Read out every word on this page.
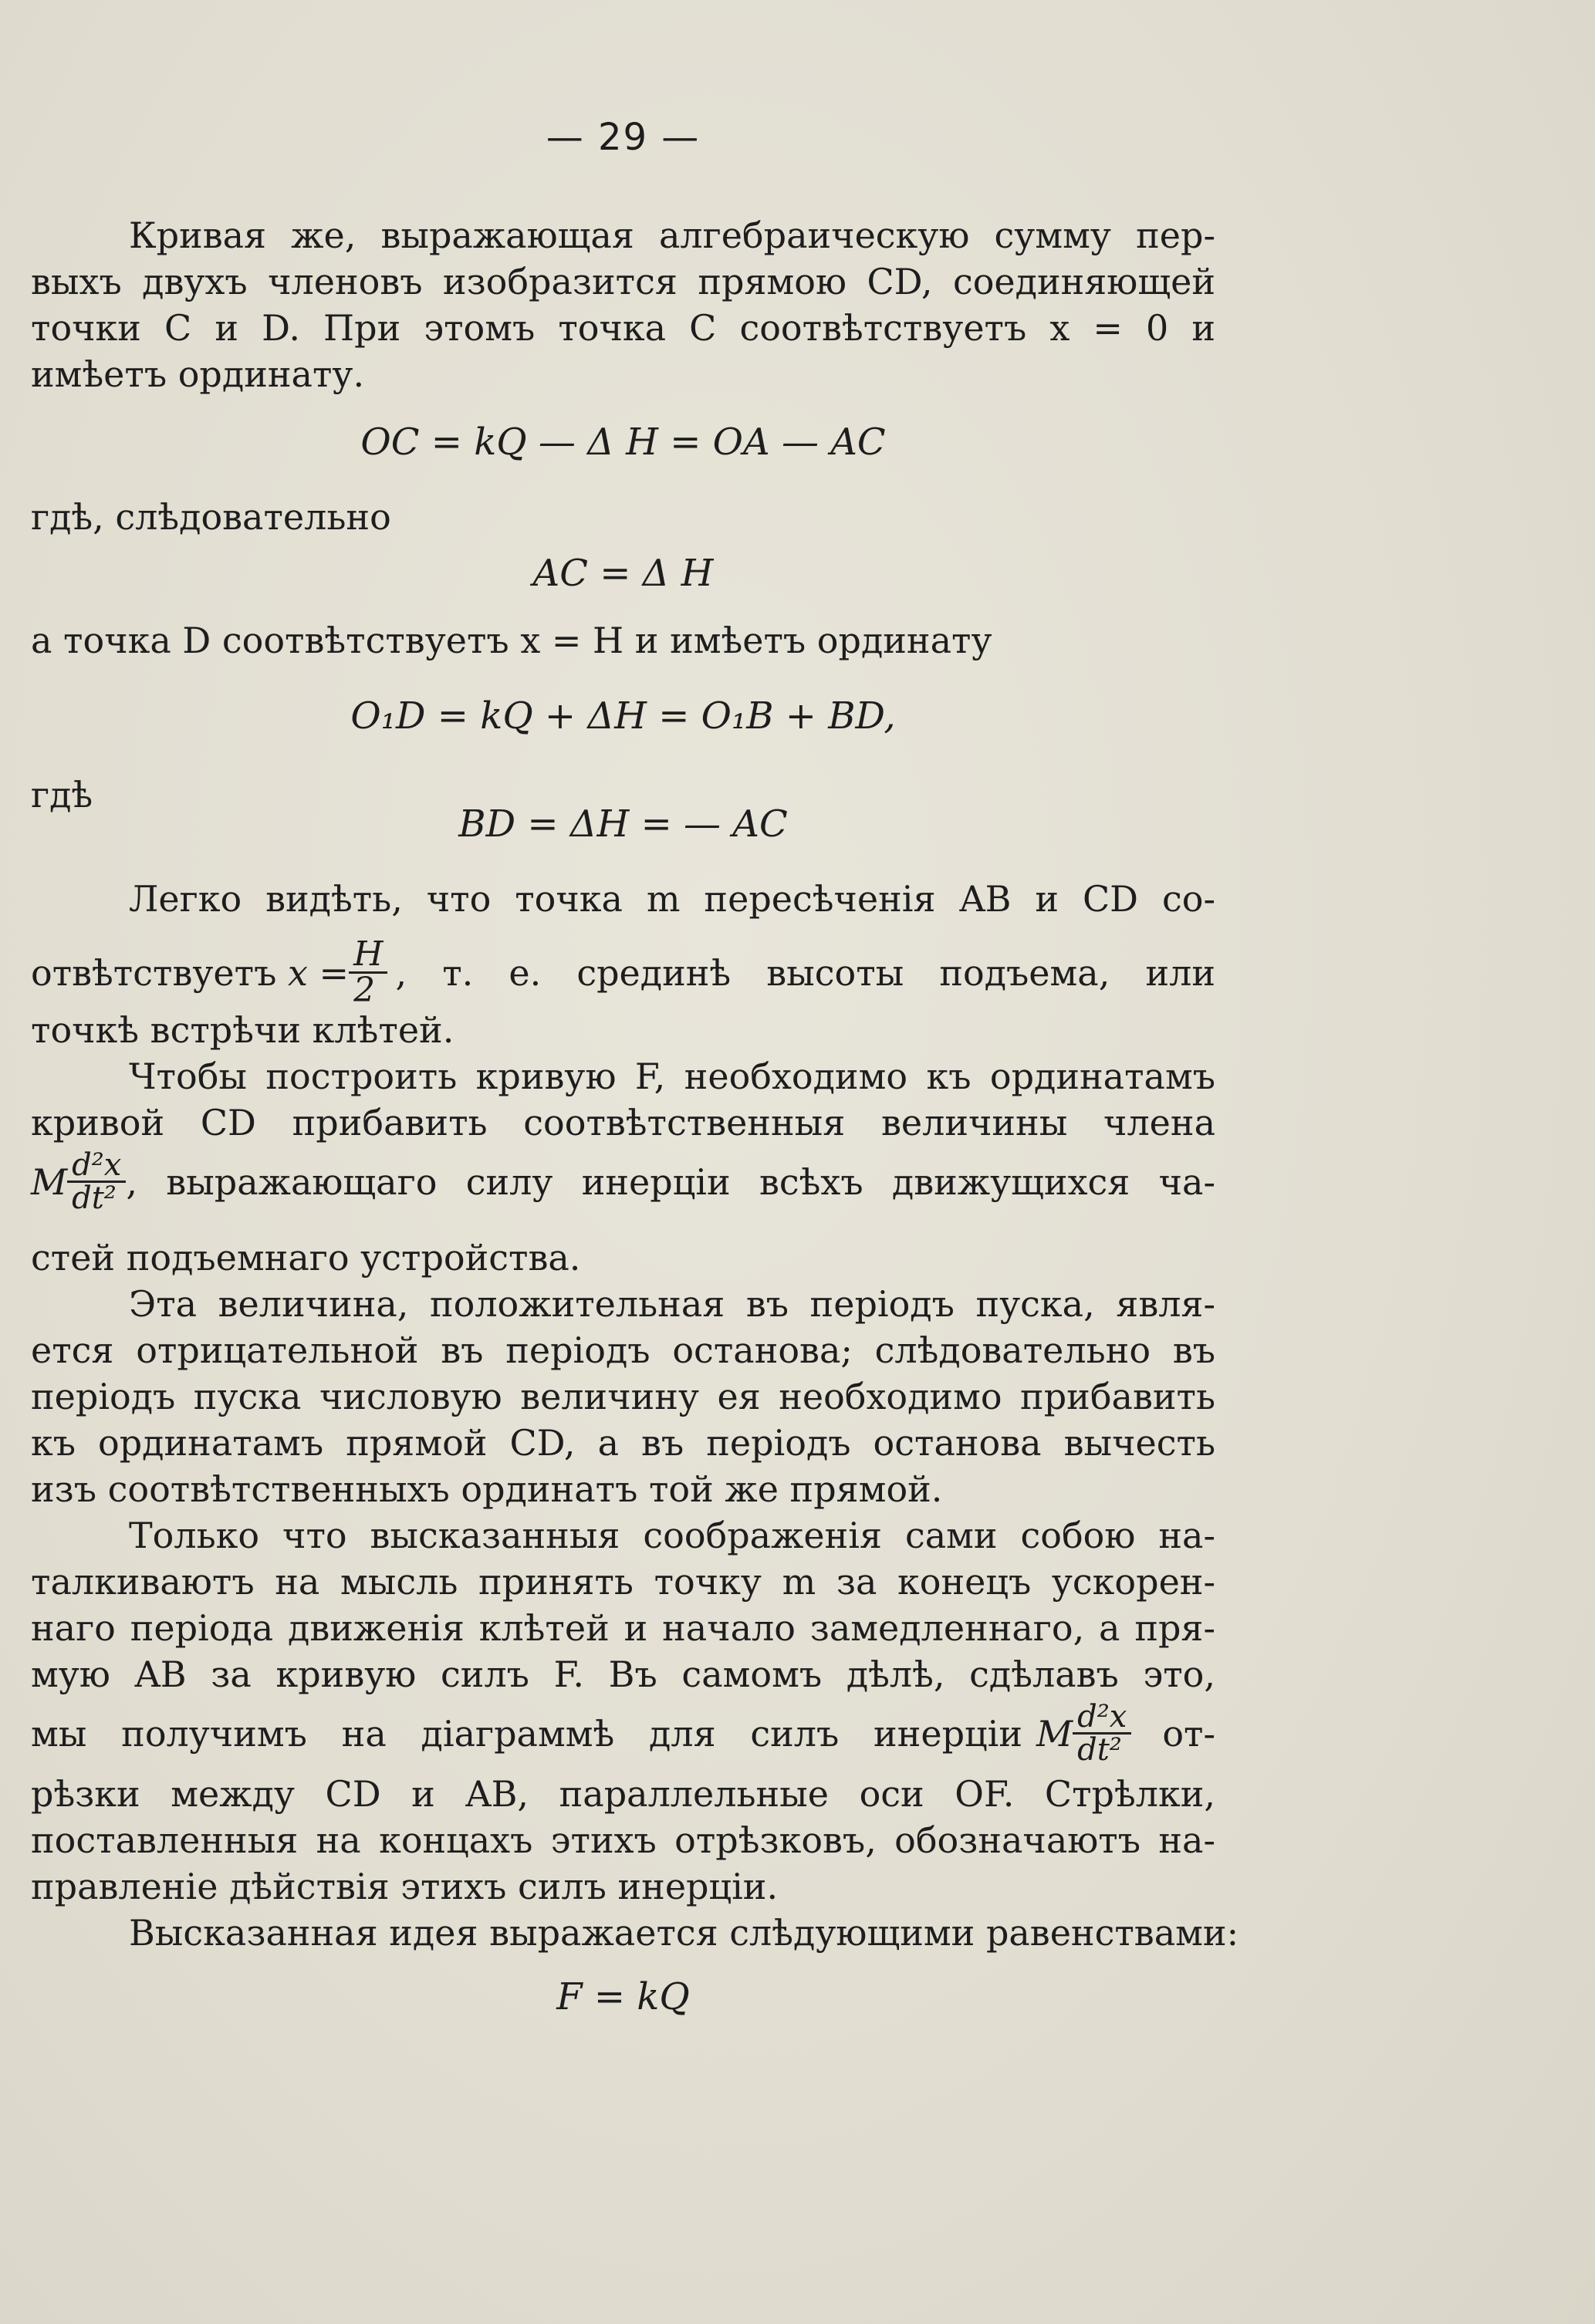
— 29 —
Кривая же, выражающая алгебраическую сумму пер-
выхъ двухъ членовъ изобразится прямою CD, соединяющей
точки C и D. При этомъ точка C соотвѣтствуетъ x = 0 и
имѣетъ ординату.
OC = kQ — Δ H = OA — AC
гдѣ, слѣдовательно
AC = Δ H
а точка D соотвѣтствуетъ x = H и имѣетъ ординату
O₁D = kQ + ΔH = O₁B + BD,
гдѣ
BD = ΔH = — AC
Легко видѣть, что точка m пересѣченія AB и CD со-
отвѣтствуетъ $x = \frac{H}{2}$ , т. е. срединѣ высоты подъема, или
точкѣ встрѣчи клѣтей.
Чтобы построить кривую F, необходимо къ ординатамъ
кривой CD прибавить соотвѣтственныя величины члена
M $\frac{\text{d²x}}{\text{dt²}}$ , выражающаго силу инерціи всѣхъ движущихся ча-
стей подъемнаго устройства.
Эта величина, положительная въ періодъ пуска, явля-
ется отрицательной въ періодъ останова; слѣдовательно въ
періодъ пуска числовую величину ея необходимо прибавить
къ ординатамъ прямой CD, а въ періодъ останова вычесть
изъ соотвѣтственныхъ ординатъ той же прямой.
Только что высказанныя соображенія сами собою на-
талкиваютъ на мысль принять точку m за конецъ ускорен-
наго періода движенія клѣтей и начало замедленнаго, а пря-
мую AB за кривую силъ F. Въ самомъ дѣлѣ, сдѣлавъ это,
мы получимъ на діаграммѣ для силъ инерціи M $\frac{\text{d²x}}{\text{dt²}} от-$
рѣзки между CD и AB, параллельные оси OF. Стрѣлки,
поставленныя на концахъ этихъ отрѣзковъ, обозначаютъ на-
правленіе дѣйствія этихъ силъ инерціи.
Высказанная идея выражается слѣдующими равенствами:
F = kQ
